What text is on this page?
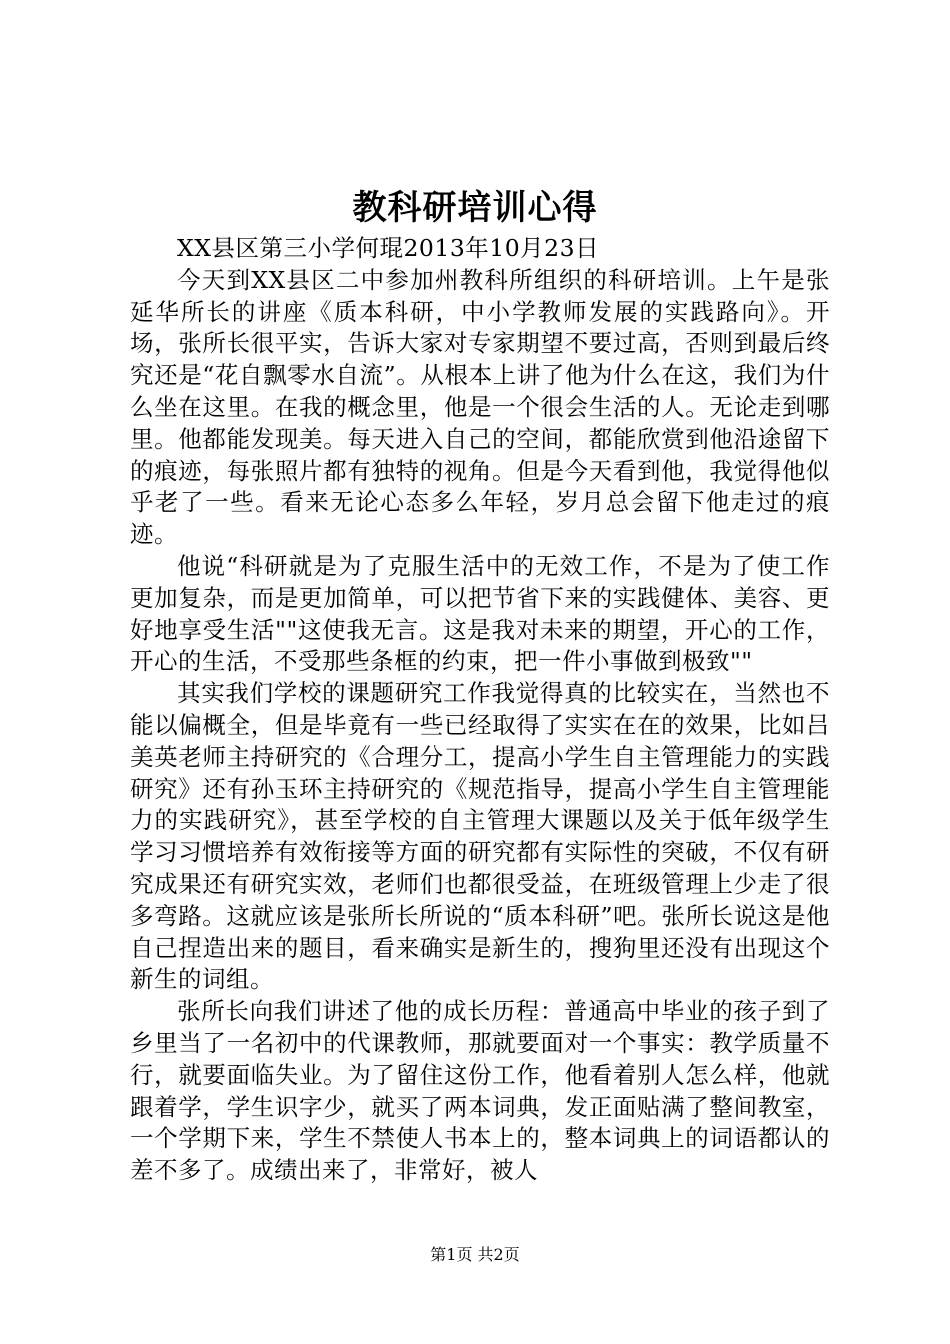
教科研培训心得

XX县区第三小学何琨2013年10月23日

今天到XX县区二中参加州教科所组织的科研培训。上午是张延华所长的讲座《质本科研，中小学教师发展的实践路向》。开场，张所长很平实，告诉大家对专家期望不要过高，否则到最后终究还是“花自飘零水自流”。从根本上讲了他为什么在这，我们为什么坐在这里。在我的概念里，他是一个很会生活的人。无论走到哪里。他都能发现美。每天进入自己的空间，都能欣赏到他沿途留下的痕迹，每张照片都有独特的视角。但是今天看到他，我觉得他似乎老了一些。看来无论心态多么年轻，岁月总会留下他走过的痕迹。

他说“科研就是为了克服生活中的无效工作，不是为了使工作更加复杂，而是更加简单，可以把节省下来的实践健体、美容、更好地享受生活""这使我无言。这是我对未来的期望，开心的工作，开心的生活，不受那些条框的约束，把一件小事做到极致""

其实我们学校的课题研究工作我觉得真的比较实在，当然也不能以偏概全，但是毕竟有一些已经取得了实实在在的效果，比如吕美英老师主持研究的《合理分工，提高小学生自主管理能力的实践研究》还有孙玉环主持研究的《规范指导，提高小学生自主管理能力的实践研究》，甚至学校的自主管理大课题以及关于低年级学生学习习惯培养有效衔接等方面的研究都有实际性的突破，不仅有研究成果还有研究实效，老师们也都很受益，在班级管理上少走了很多弯路。这就应该是张所长所说的“质本科研”吧。张所长说这是他自己捏造出来的题目，看来确实是新生的，搜狗里还没有出现这个新生的词组。

张所长向我们讲述了他的成长历程：普通高中毕业的孩子到了乡里当了一名初中的代课教师，那就要面对一个事实：教学质量不行，就要面临失业。为了留住这份工作，他看着别人怎么样，他就跟着学，学生识字少，就买了两本词典，发正面贴满了整间教室，一个学期下来，学生不禁使人书本上的，整本词典上的词语都认的差不多了。成绩出来了，非常好，被人

第1页 共2页
